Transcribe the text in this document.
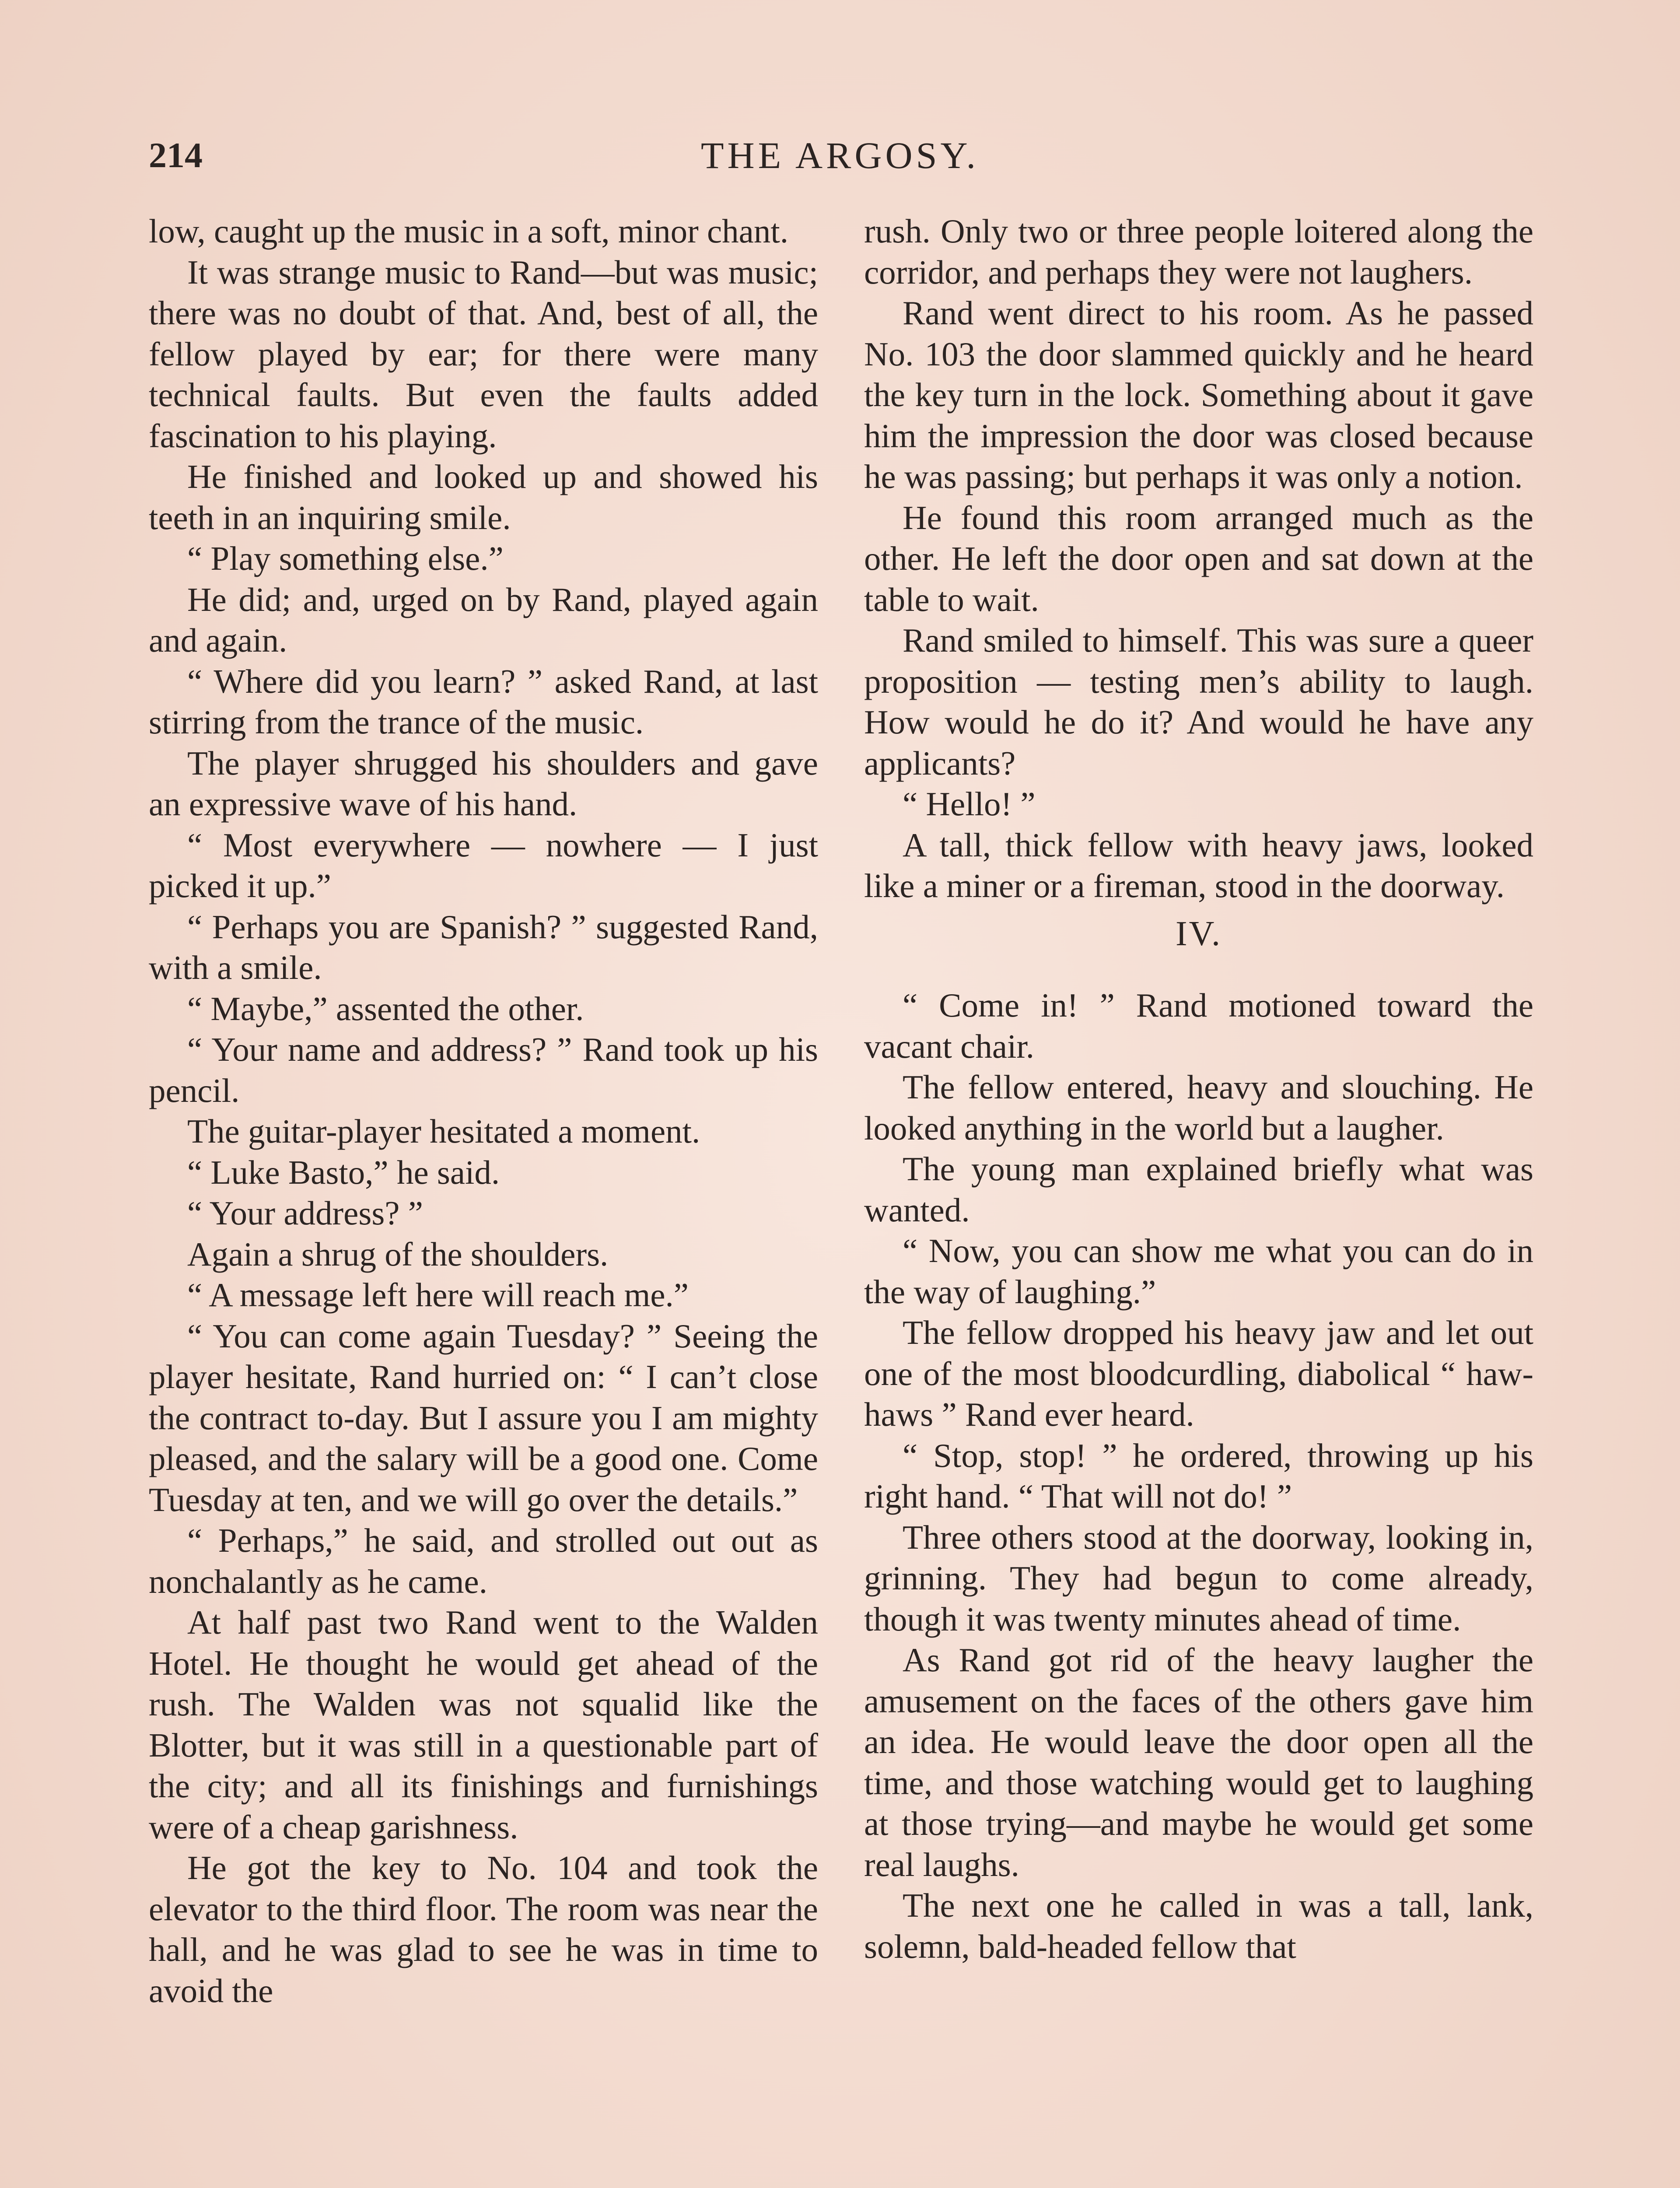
214	THE ARGOSY.

low, caught up the music in a soft, minor chant.

It was strange music to Rand—but was music; there was no doubt of that. And, best of all, the fellow played by ear; for there were many technical faults. But even the faults added fascination to his playing.

He finished and looked up and showed his teeth in an inquiring smile.

“ Play something else.”

He did; and, urged on by Rand, played again and again.

“ Where did you learn? ” asked Rand, at last stirring from the trance of the music.

The player shrugged his shoulders and gave an expressive wave of his hand.

“ Most everywhere — nowhere — I just picked it up.”

“ Perhaps you are Spanish? ” suggested Rand, with a smile.

“ Maybe,” assented the other.

“ Your name and address? ” Rand took up his pencil.

The guitar-player hesitated a moment.

“ Luke Basto,” he said.

“ Your address? ”

Again a shrug of the shoulders.

“ A message left here will reach me.”

“ You can come again Tuesday? ” Seeing the player hesitate, Rand hurried on: “ I can’t close the contract to-day. But I assure you I am mighty pleased, and the salary will be a good one. Come Tuesday at ten, and we will go over the details.”

“ Perhaps,” he said, and strolled out out as nonchalantly as he came.

At half past two Rand went to the Walden Hotel. He thought he would get ahead of the rush. The Walden was not squalid like the Blotter, but it was still in a questionable part of the city; and all its finishings and furnishings were of a cheap garishness.

He got the key to No. 104 and took the elevator to the third floor. The room was near the hall, and he was glad to see he was in time to avoid the

rush. Only two or three people loitered along the corridor, and perhaps they were not laughers.

Rand went direct to his room. As he passed No. 103 the door slammed quickly and he heard the key turn in the lock. Something about it gave him the impression the door was closed because he was passing; but perhaps it was only a notion.

He found this room arranged much as the other. He left the door open and sat down at the table to wait.

Rand smiled to himself. This was sure a queer proposition — testing men’s ability to laugh. How would he do it? And would he have any applicants?

“ Hello! ”

A tall, thick fellow with heavy jaws, looked like a miner or a fireman, stood in the doorway.

IV.

“ Come in! ” Rand motioned toward the vacant chair.

The fellow entered, heavy and slouching. He looked anything in the world but a laugher.

The young man explained briefly what was wanted.

“ Now, you can show me what you can do in the way of laughing.”

The fellow dropped his heavy jaw and let out one of the most bloodcurdling, diabolical “ haw-haws ” Rand ever heard.

“ Stop, stop! ” he ordered, throwing up his right hand. “ That will not do! ”

Three others stood at the doorway, looking in, grinning. They had begun to come already, though it was twenty minutes ahead of time.

As Rand got rid of the heavy laugher the amusement on the faces of the others gave him an idea. He would leave the door open all the time, and those watching would get to laughing at those trying—and maybe he would get some real laughs.

The next one he called in was a tall, lank, solemn, bald-headed fellow that
